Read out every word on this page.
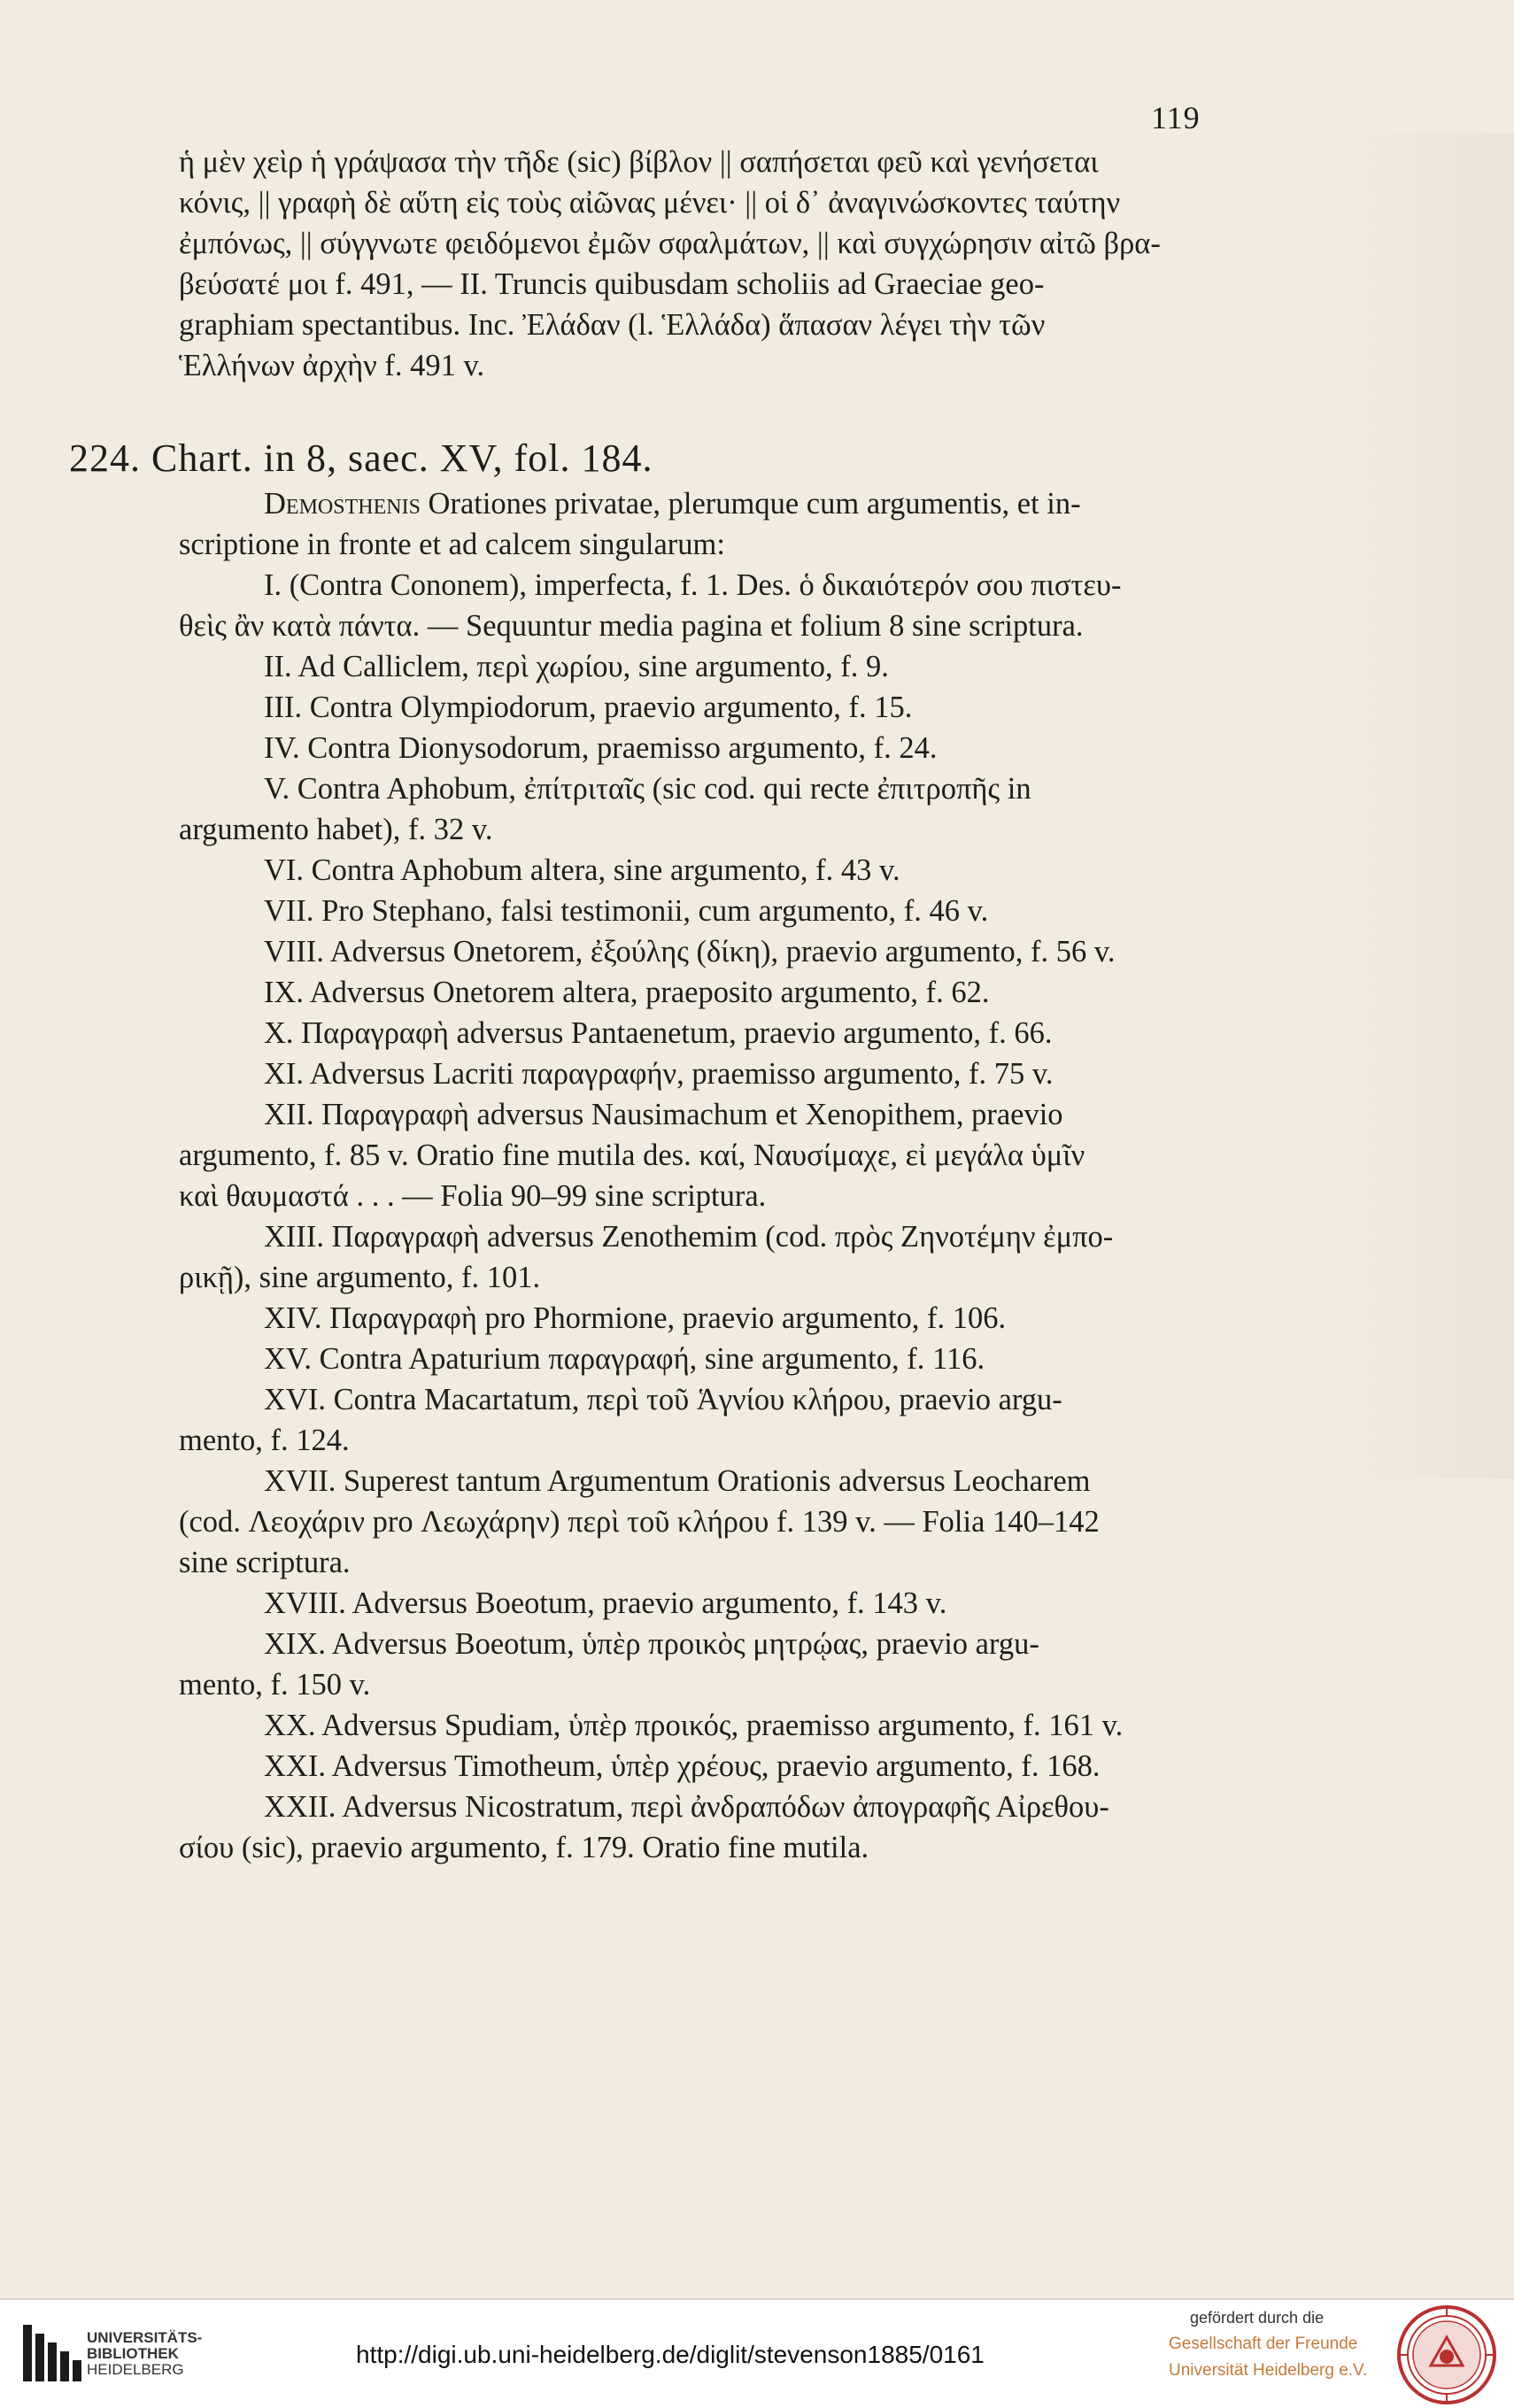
119
ἡ μὲν χεὶρ ἡ γράψασα τὴν τῆδε (sic) βίβλον || σαπήσεται φεῦ καὶ γενήσεται
κόνις, || γραφὴ δὲ αὕτη εἰς τοὺς αἰῶνας μένει· || οἱ δ᾽ ἀναγινώσκοντες ταύτην
ἐμπόνως, || σύγγνωτε φειδόμενοι ἐμῶν σφαλμάτων, || καὶ συγχώρησιν αἰτῶ βρα-
βεύσατέ μοι f. 491, — II. Truncis quibusdam scholiis ad Graeciae geo-
graphiam spectantibus. Inc. Ἐλάδαν (l. Ἑλλάδα) ἅπασαν λέγει τὴν τῶν
Ἑλλήνων ἀρχὴν f. 491 v.
224. Chart. in 8, saec. XV, fol. 184.
Demosthenis Orationes privatae, plerumque cum argumentis, et in-
scriptione in fronte et ad calcem singularum:
I. (Contra Cononem), imperfecta, f. 1. Des. ὁ δικαιότερόν σου πιστευ-
θεὶς ἂν κατὰ πάντα. — Sequuntur media pagina et folium 8 sine scriptura.
II. Ad Calliclem, περὶ χωρίου, sine argumento, f. 9.
III. Contra Olympiodorum, praevio argumento, f. 15.
IV. Contra Dionysodorum, praemisso argumento, f. 24.
V. Contra Aphobum, ἐπίτριταῖς (sic cod. qui recte ἐπιτροπῆς in
argumento habet), f. 32 v.
VI. Contra Aphobum altera, sine argumento, f. 43 v.
VII. Pro Stephano, falsi testimonii, cum argumento, f. 46 v.
VIII. Adversus Onetorem, ἐξούλης (δίκη), praevio argumento, f. 56 v.
IX. Adversus Onetorem altera, praeposito argumento, f. 62.
X. Παραγραφὴ adversus Pantaenetum, praevio argumento, f. 66.
XI. Adversus Lacriti παραγραφήν, praemisso argumento, f. 75 v.
XII. Παραγραφὴ adversus Nausimachum et Xenopithem, praevio
argumento, f. 85 v. Oratio fine mutila des. καί, Ναυσίμαχε, εἰ μεγάλα ὑμῖν
καὶ θαυμαστά . . . — Folia 90–99 sine scriptura.
XIII. Παραγραφὴ adversus Zenothemim (cod. πρὸς Ζηνοτέμην ἐμπο-
ρικῇ), sine argumento, f. 101.
XIV. Παραγραφὴ pro Phormione, praevio argumento, f. 106.
XV. Contra Apaturium παραγραφή, sine argumento, f. 116.
XVI. Contra Macartatum, περὶ τοῦ Ἁγνίου κλήρου, praevio argu-
mento, f. 124.
XVII. Superest tantum Argumentum Orationis adversus Leocharem
(cod. Λεοχάριν pro Λεωχάρην) περὶ τοῦ κλήρου f. 139 v. — Folia 140–142
sine scriptura.
XVIII. Adversus Boeotum, praevio argumento, f. 143 v.
XIX. Adversus Boeotum, ὑπὲρ προικὸς μητρῴας, praevio argu-
mento, f. 150 v.
XX. Adversus Spudiam, ὑπὲρ προικός, praemisso argumento, f. 161 v.
XXI. Adversus Timotheum, ὑπὲρ χρέους, praevio argumento, f. 168.
XXII. Adversus Nicostratum, περὶ ἀνδραπόδων ἀπογραφῆς Αἰρεθου-
σίου (sic), praevio argumento, f. 179. Oratio fine mutila.
UNIVERSITÄTS-
BIBLIOTHEK
HEIDELBERG
http://digi.ub.uni-heidelberg.de/diglit/stevenson1885/0161
gefördert durch die
Gesellschaft der Freunde
Universität Heidelberg e.V.
